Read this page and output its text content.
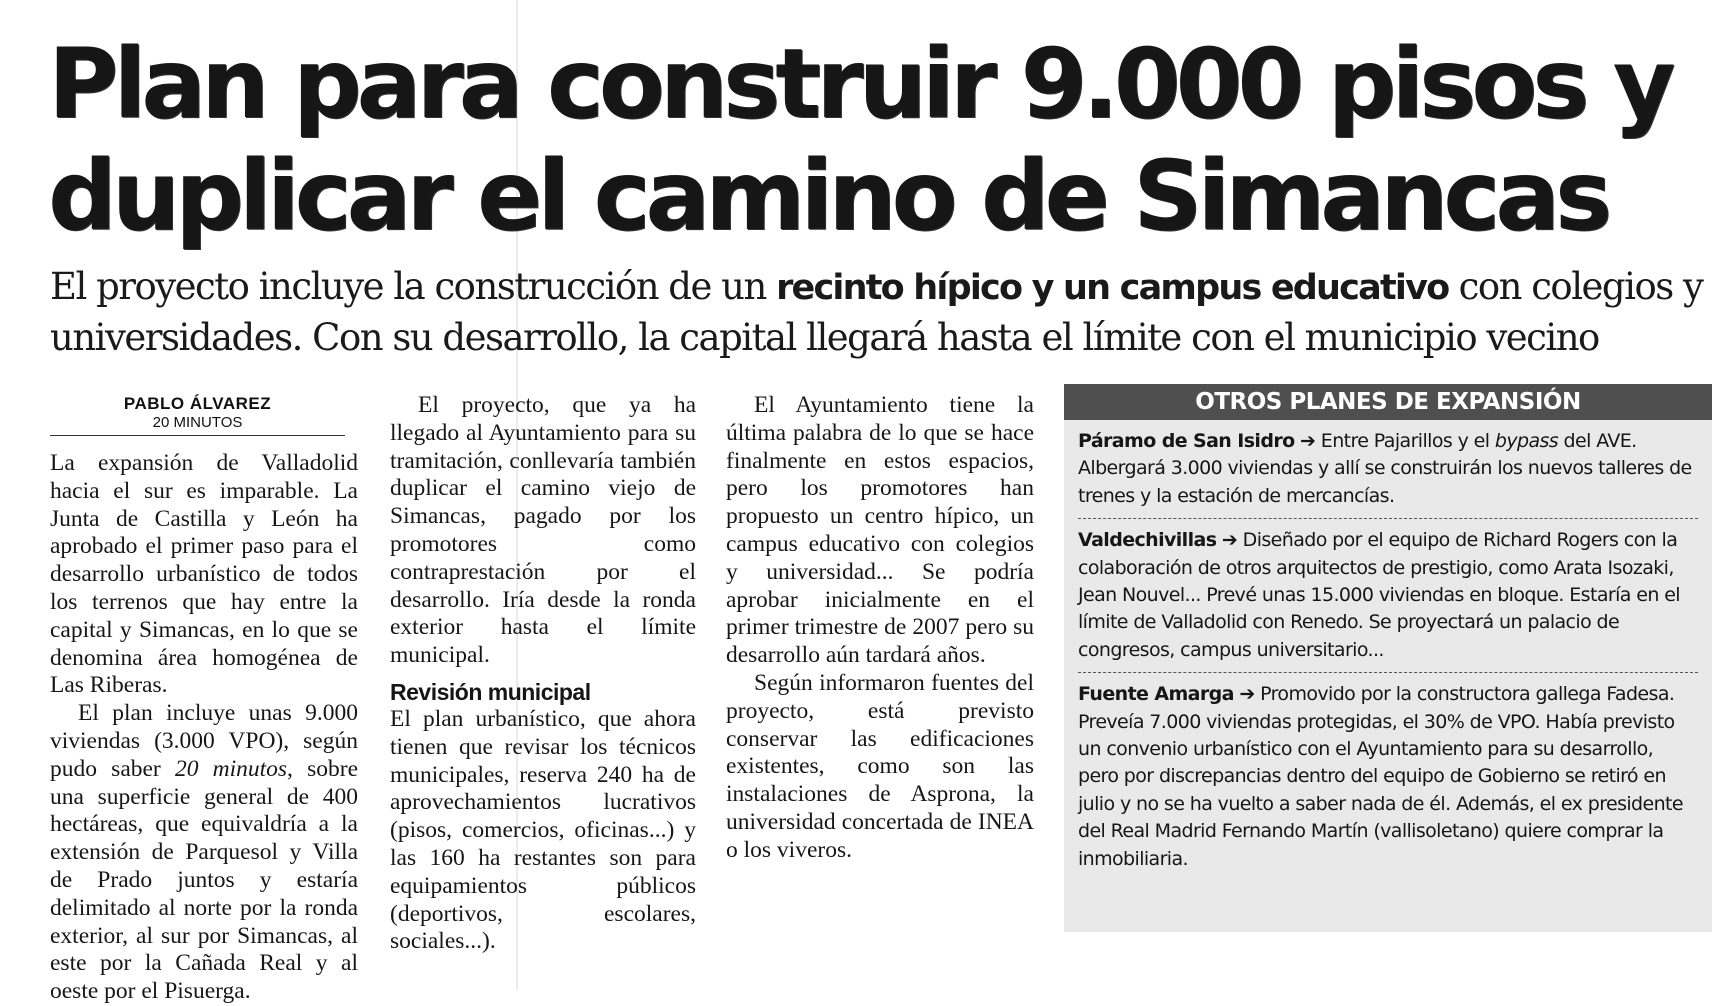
Plan para construir 9.000 pisos y duplicar el camino de Simancas

El proyecto incluye la construcción de un recinto hípico y un campus educativo con colegios y universidades. Con su desarrollo, la capital llegará hasta el límite con el municipio vecino

PABLO ÁLVAREZ
20 MINUTOS

La expansión de Valladolid hacia el sur es imparable. La Junta de Castilla y León ha aprobado el primer paso para el desarrollo urbanístico de todos los terrenos que hay entre la capital y Simancas, en lo que se denomina área homogénea de Las Riberas.

El plan incluye unas 9.000 viviendas (3.000 VPO), según pudo saber 20 minutos, sobre una superficie general de 400 hectáreas, que equivaldría a la extensión de Parquesol y Villa de Prado juntos y estaría delimitado al norte por la ronda exterior, al sur por Simancas, al este por la Cañada Real y al oeste por el Pisuerga.

El proyecto, que ya ha llegado al Ayuntamiento para su tramitación, conllevaría también duplicar el camino viejo de Simancas, pagado por los promotores como contraprestación por el desarrollo. Iría desde la ronda exterior hasta el límite municipal.

Revisión municipal

El plan urbanístico, que ahora tienen que revisar los técnicos municipales, reserva 240 ha de aprovechamientos lucrativos (pisos, comercios, oficinas...) y las 160 ha restantes son para equipamientos públicos (deportivos, escolares, sociales...).

El Ayuntamiento tiene la última palabra de lo que se hace finalmente en estos espacios, pero los promotores han propuesto un centro hípico, un campus educativo con colegios y universidad... Se podría aprobar inicialmente en el primer trimestre de 2007 pero su desarrollo aún tardará años.

Según informaron fuentes del proyecto, está previsto conservar las edificaciones existentes, como son las instalaciones de Asprona, la universidad concertada de INEA o los viveros.

OTROS PLANES DE EXPANSIÓN
Páramo de San Isidro ➔ Entre Pajarillos y el bypass del AVE. Albergará 3.000 viviendas y allí se construirán los nuevos talleres de trenes y la estación de mercancías.
Valdechivillas ➔ Diseñado por el equipo de Richard Rogers con la colaboración de otros arquitectos de prestigio, como Arata Isozaki, Jean Nouvel... Prevé unas 15.000 viviendas en bloque. Estaría en el límite de Valladolid con Renedo. Se proyectará un palacio de congresos, campus universitario...
Fuente Amarga ➔ Promovido por la constructora gallega Fadesa. Preveía 7.000 viviendas protegidas, el 30% de VPO. Había previsto un convenio urbanístico con el Ayuntamiento para su desarrollo, pero por discrepancias dentro del equipo de Gobierno se retiró en julio y no se ha vuelto a saber nada de él. Además, el ex presidente del Real Madrid Fernando Martín (vallisoletano) quiere comprar la inmobiliaria.
